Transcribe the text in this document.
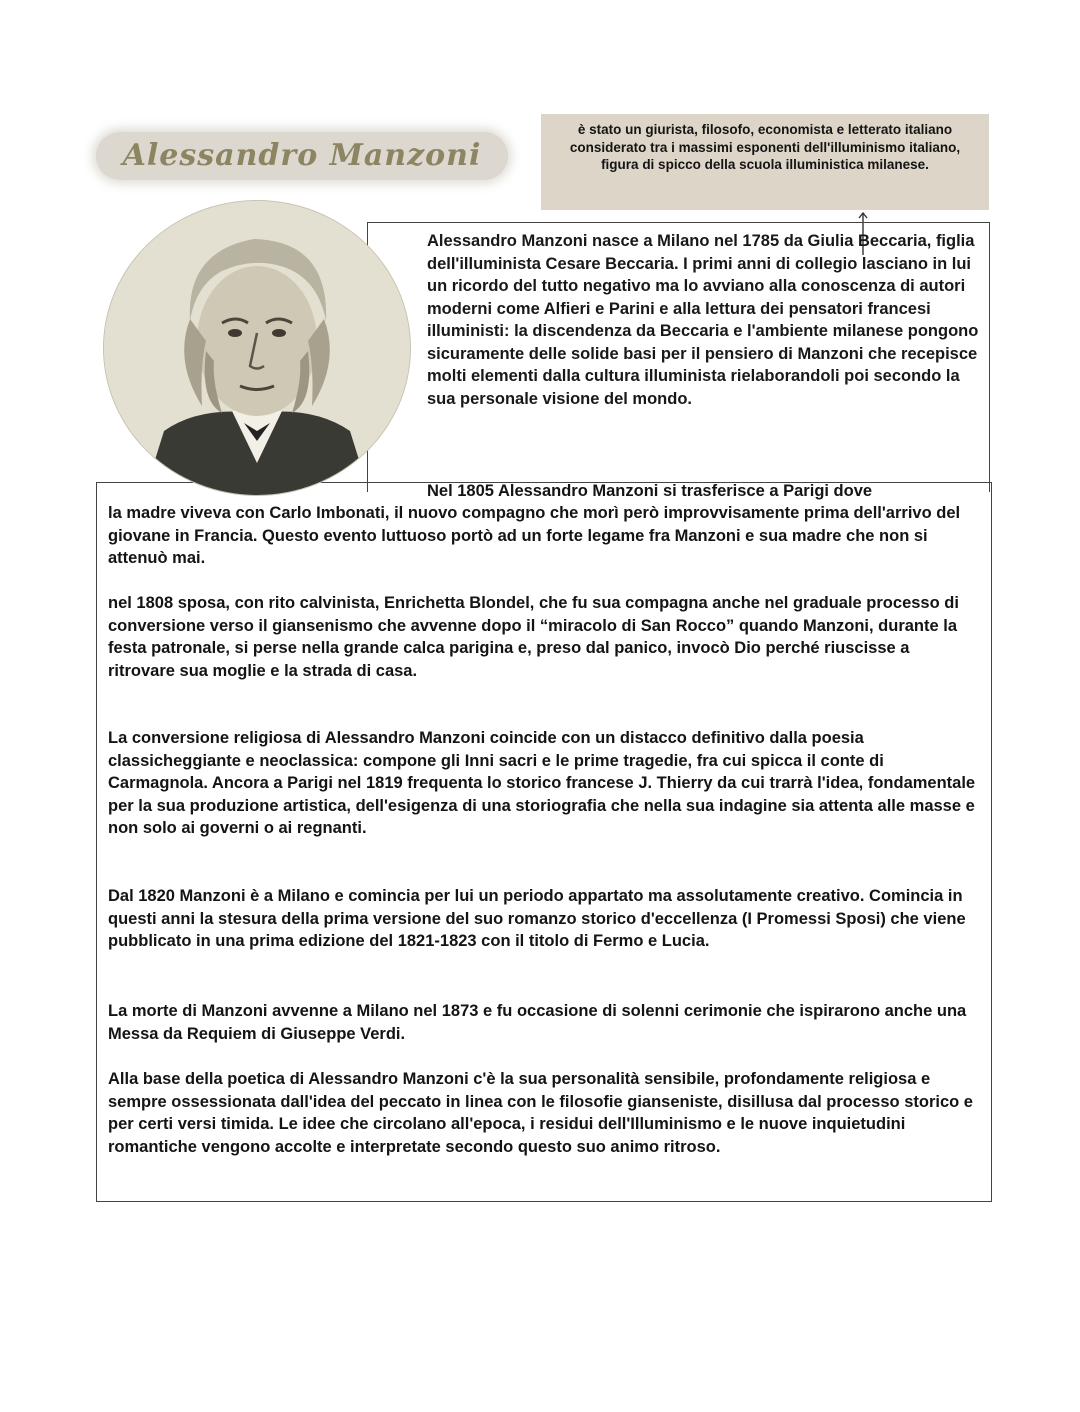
Alessandro Manzoni
è stato un giurista, filosofo, economista e letterato italiano considerato tra i massimi esponenti dell'illuminismo italiano, figura di spicco della scuola illuministica milanese.
Alessandro Manzoni nasce a Milano nel 1785 da Giulia Beccaria, figlia dell'illuminista Cesare Beccaria. I primi anni di collegio lasciano in lui un ricordo del tutto negativo ma lo avviano alla conoscenza di autori moderni come Alfieri e Parini e alla lettura dei pensatori francesi illuministi: la discendenza da Beccaria e l'ambiente milanese pongono sicuramente delle solide basi per il pensiero di Manzoni che recepisce molti elementi dalla cultura illuminista rielaborandoli poi secondo la sua personale visione del mondo.
Nel 1805 Alessandro Manzoni si trasferisce a Parigi dove
la madre viveva con Carlo Imbonati, il nuovo compagno che morì però improvvisamente prima dell'arrivo del giovane in Francia. Questo evento luttuoso portò ad un forte legame fra Manzoni e sua madre che non si attenuò mai.
nel 1808 sposa, con rito calvinista, Enrichetta Blondel, che fu sua compagna anche nel graduale processo di conversione verso il giansenismo che avvenne dopo il “miracolo di San Rocco” quando Manzoni, durante la festa patronale, si perse nella grande calca parigina e, preso dal panico, invocò Dio perché riuscisse a ritrovare sua moglie e la strada di casa.
La conversione religiosa di Alessandro Manzoni coincide con un distacco definitivo dalla poesia classicheggiante e neoclassica: compone gli Inni sacri e le prime tragedie, fra cui spicca il conte di Carmagnola. Ancora a Parigi nel 1819 frequenta lo storico francese J. Thierry da cui trarrà l'idea, fondamentale per la sua produzione artistica, dell'esigenza di una storiografia che nella sua indagine sia attenta alle masse e non solo ai governi o ai regnanti.
Dal 1820 Manzoni è a Milano e comincia per lui un periodo appartato ma assolutamente creativo. Comincia in questi anni la stesura della prima versione del suo romanzo storico d'eccellenza (I Promessi Sposi) che viene pubblicato in una prima edizione del 1821-1823 con il titolo di Fermo e Lucia.
La morte di Manzoni avvenne a Milano nel 1873 e fu occasione di solenni cerimonie che ispirarono anche una Messa da Requiem di Giuseppe Verdi.
Alla base della poetica di Alessandro Manzoni c'è la sua personalità sensibile, profondamente religiosa e sempre ossessionata dall'idea del peccato in linea con le filosofie gianseniste, disillusa dal processo storico e per certi versi timida. Le idee che circolano all'epoca, i residui dell'Illuminismo e le nuove inquietudini romantiche vengono accolte e interpretate secondo questo suo animo ritroso.
